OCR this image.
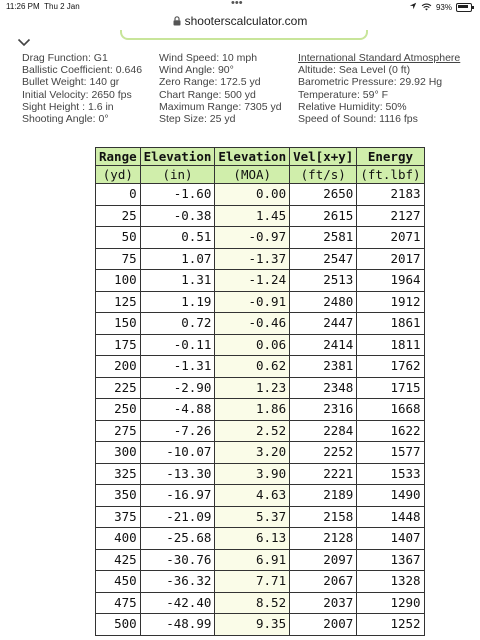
11:26 PM Thu 2 Jan	•••	93%
shooterscalculator.com
Drag Function: G1
Ballistic Coefficient: 0.646
Bullet Weight: 140 gr
Initial Velocity: 2650 fps
Sight Height : 1.6 in
Shooting Angle: 0°
Wind Speed: 10 mph
Wind Angle: 90°
Zero Range: 172.5 yd
Chart Range: 500 yd
Maximum Range: 7305 yd
Step Size: 25 yd
International Standard Atmosphere
Altitude: Sea Level (0 ft)
Barometric Pressure: 29.92 Hg
Temperature: 59° F
Relative Humidity: 50%
Speed of Sound: 1116 fps
Range	Elevation	Elevation	Vel[x+y]	Energy
(yd)	(in)	(MOA)	(ft/s)	(ft.lbf)
0	-1.60	0.00	2650	2183
25	-0.38	1.45	2615	2127
50	0.51	-0.97	2581	2071
75	1.07	-1.37	2547	2017
100	1.31	-1.24	2513	1964
125	1.19	-0.91	2480	1912
150	0.72	-0.46	2447	1861
175	-0.11	0.06	2414	1811
200	-1.31	0.62	2381	1762
225	-2.90	1.23	2348	1715
250	-4.88	1.86	2316	1668
275	-7.26	2.52	2284	1622
300	-10.07	3.20	2252	1577
325	-13.30	3.90	2221	1533
350	-16.97	4.63	2189	1490
375	-21.09	5.37	2158	1448
400	-25.68	6.13	2128	1407
425	-30.76	6.91	2097	1367
450	-36.32	7.71	2067	1328
475	-42.40	8.52	2037	1290
500	-48.99	9.35	2007	1252
